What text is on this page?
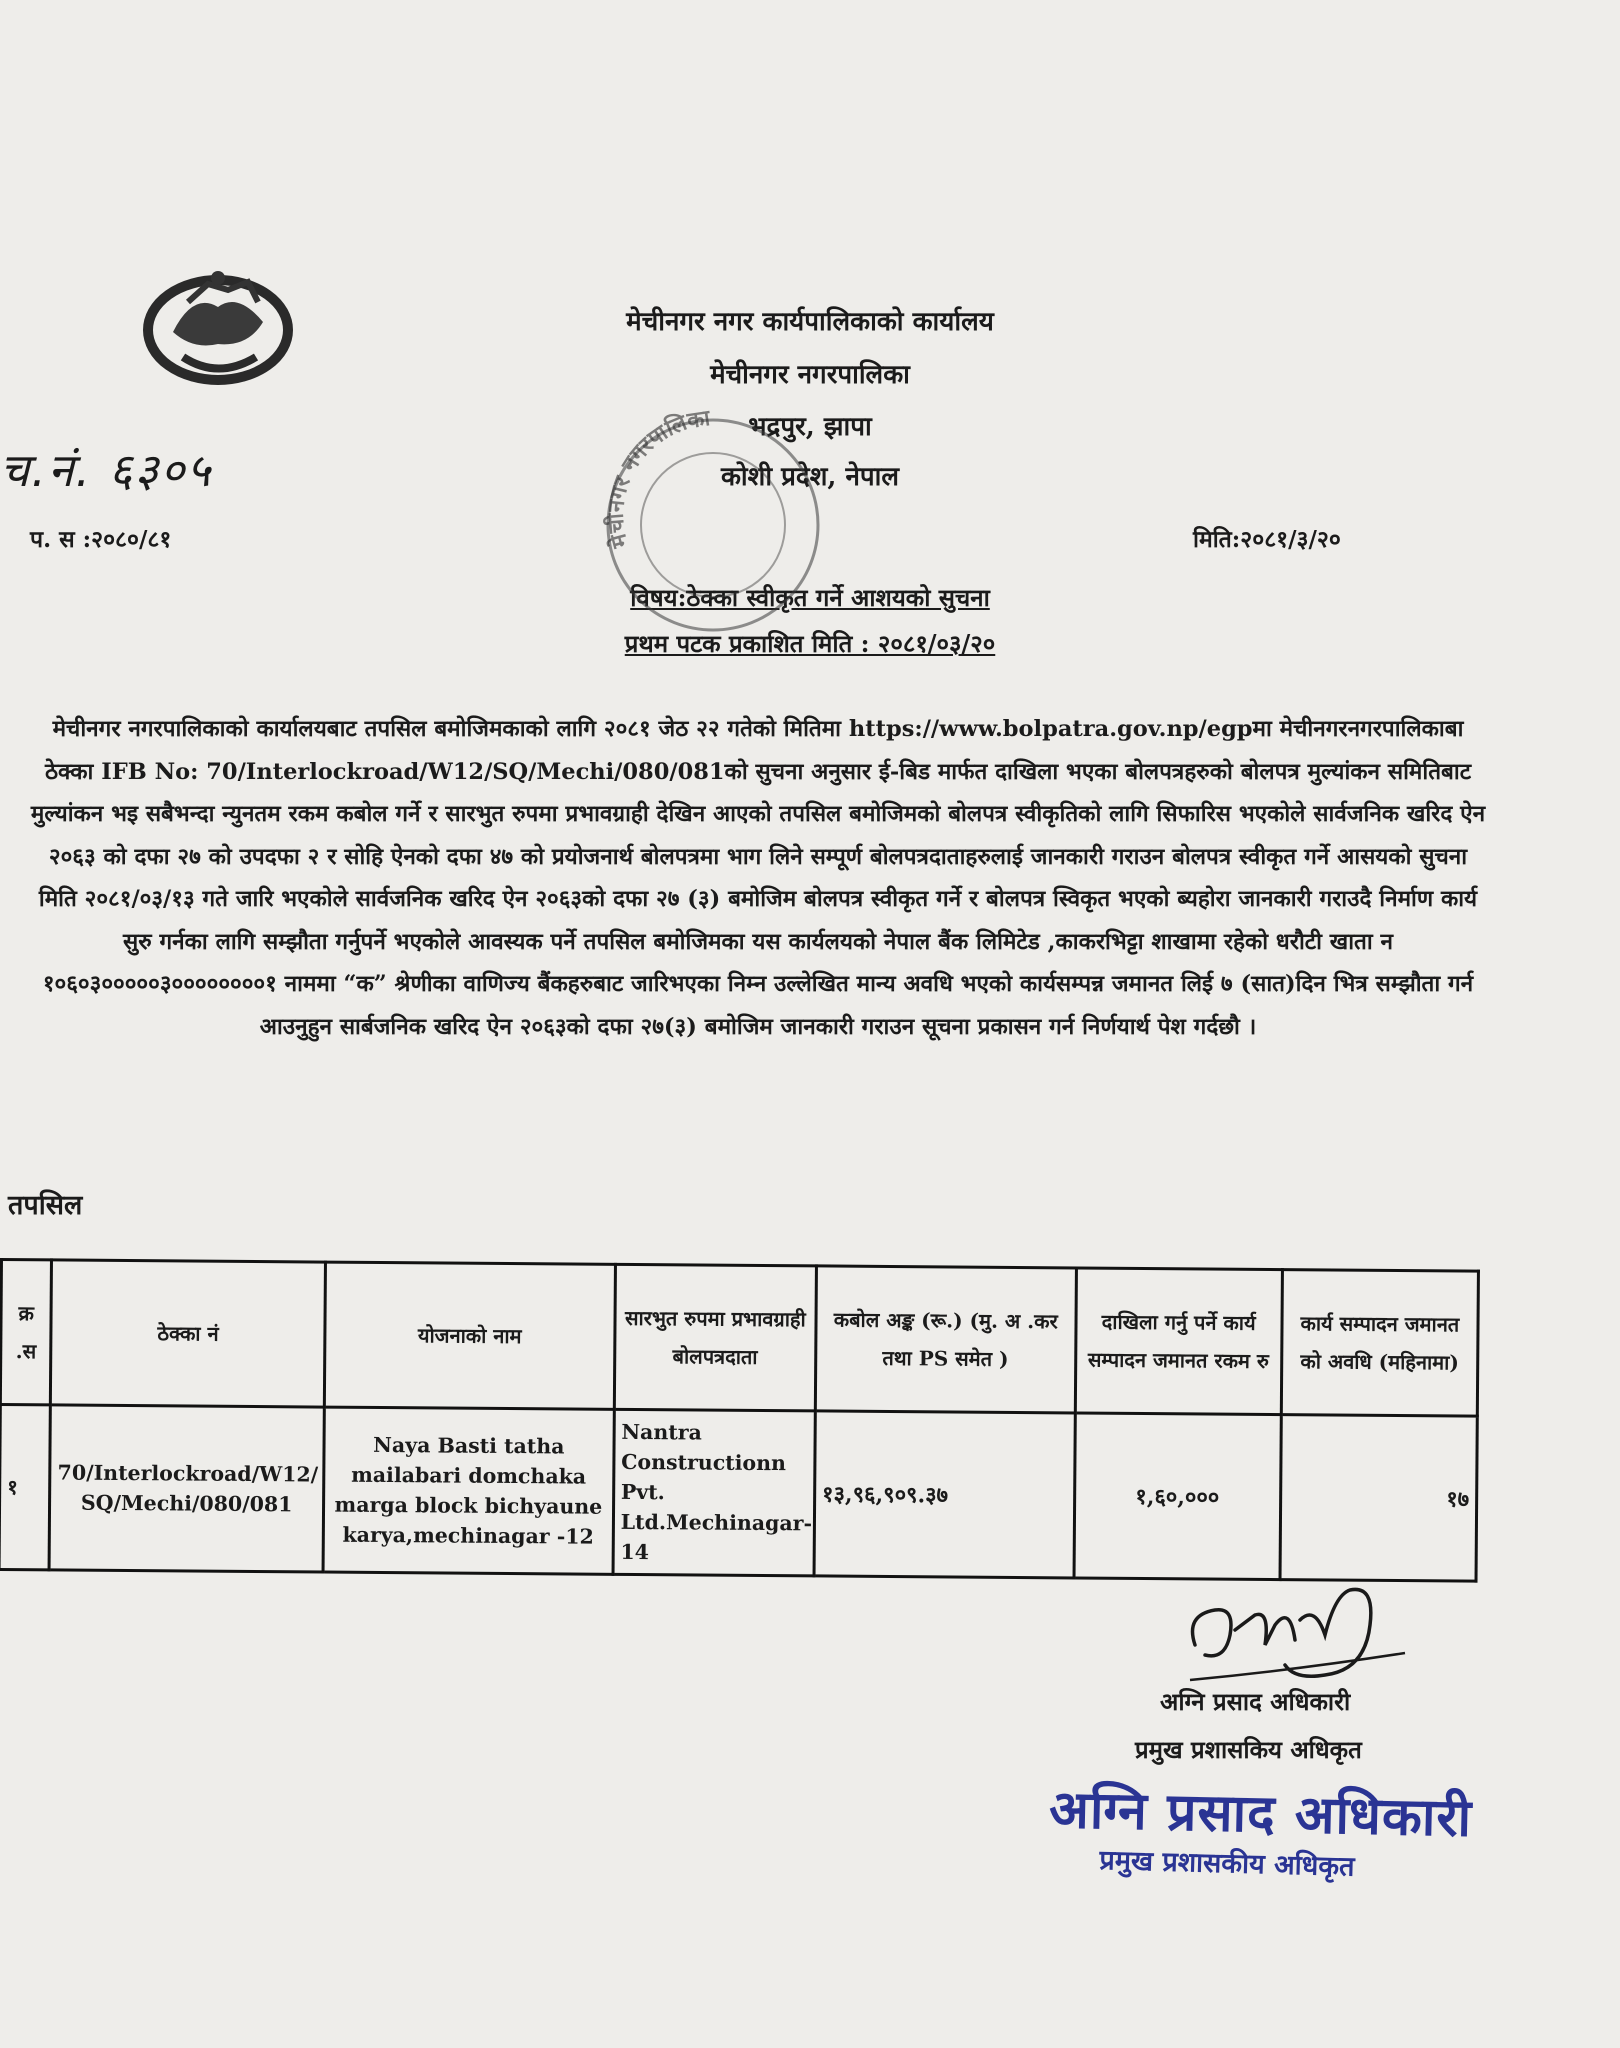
मेचीनगर नगर कार्यपालिकाको कार्यालय
मेचीनगर नगरपालिका
भद्रपुर, झापा
कोशी प्रदेश, नेपाल
च.नं. ६३०५
प. स :२०८०/८१	मिति:२०८१/३/२०
विषय:ठेक्का स्वीकृत गर्ने आशयको सुचना
प्रथम पटक प्रकाशित मिति : २०८१/०३/२०
मेचीनगर नगरपालिका

मेचीनगर नगरपालिकाको कार्यालयबाट तपसिल बमोजिमकाको लागि २०८१ जेठ २२ गतेको मितिमा https://www.bolpatra.gov.np/egpमा मेचीनगरनगरपालिकाबा ठेक्का IFB No: 70/Interlockroad/W12/SQ/Mechi/080/081को सुचना अनुसार ई-बिड मार्फत दाखिला भएका बोलपत्रहरुको बोलपत्र मुल्यांकन समितिबाट मुल्यांकन भइ सबैभन्दा न्युनतम रकम कबोल गर्ने र सारभुत रुपमा प्रभावग्राही देखिन आएको तपसिल बमोजिमको बोलपत्र स्वीकृतिको लागि सिफारिस भएकोले सार्वजनिक खरिद ऐन २०६३ को दफा २७ को उपदफा २ र सोहि ऐनको दफा ४७ को प्रयोजनार्थ बोलपत्रमा भाग लिने सम्पूर्ण बोलपत्रदाताहरुलाई जानकारी गराउन बोलपत्र स्वीकृत गर्ने आसयको सुचना मिति २०८१/०३/१३ गते जारि भएकोले सार्वजनिक खरिद ऐन २०६३को दफा २७ (३) बमोजिम बोलपत्र स्वीकृत गर्ने र बोलपत्र स्विकृत भएको ब्यहोरा जानकारी गराउदै निर्माण कार्य सुरु गर्नका लागि सम्झौता गर्नुपर्ने भएकोले आवस्यक पर्ने तपसिल बमोजिमका यस कार्यलयको नेपाल बैंक लिमिटेड ,काकरभिट्टा शाखामा रहेको धरौटी खाता न १०६०३०००००३००००००००१ नाममा “क” श्रेणीका वाणिज्य बैंकहरुबाट जारिभएका निम्न उल्लेखित मान्य अवधि भएको कार्यसम्पन्न जमानत लिई ७ (सात)दिन भित्र सम्झौता गर्न आउनुहुन सार्बजनिक खरिद ऐन २०६३को दफा २७(३) बमोजिम जानकारी गराउन सूचना प्रकासन गर्न निर्णयार्थ पेश गर्दछौ ।

तपसिल
क्र .स	ठेक्का नं	योजनाको नाम	सारभुत रुपमा प्रभावग्राही बोलपत्रदाता	कबोल अङ्क (रू.) (मु. अ .कर तथा PS समेत )	दाखिला गर्नु पर्ने कार्य सम्पादन जमानत रकम रु	कार्य सम्पादन जमानत को अवधि (महिनामा)
१	70/Interlockroad/W12/ SQ/Mechi/080/081	Naya Basti tatha mailabari domchaka marga block bichyaune karya,mechinagar -12	Nantra Constructionn Pvt. Ltd.Mechinagar-14	१३,९६,९०९.३७	१,६०,०००	१७
अग्नि प्रसाद अधिकारी
प्रमुख प्रशासकिय अधिकृत
अग्नि प्रसाद अधिकारी
प्रमुख प्रशासकीय अधिकृत
